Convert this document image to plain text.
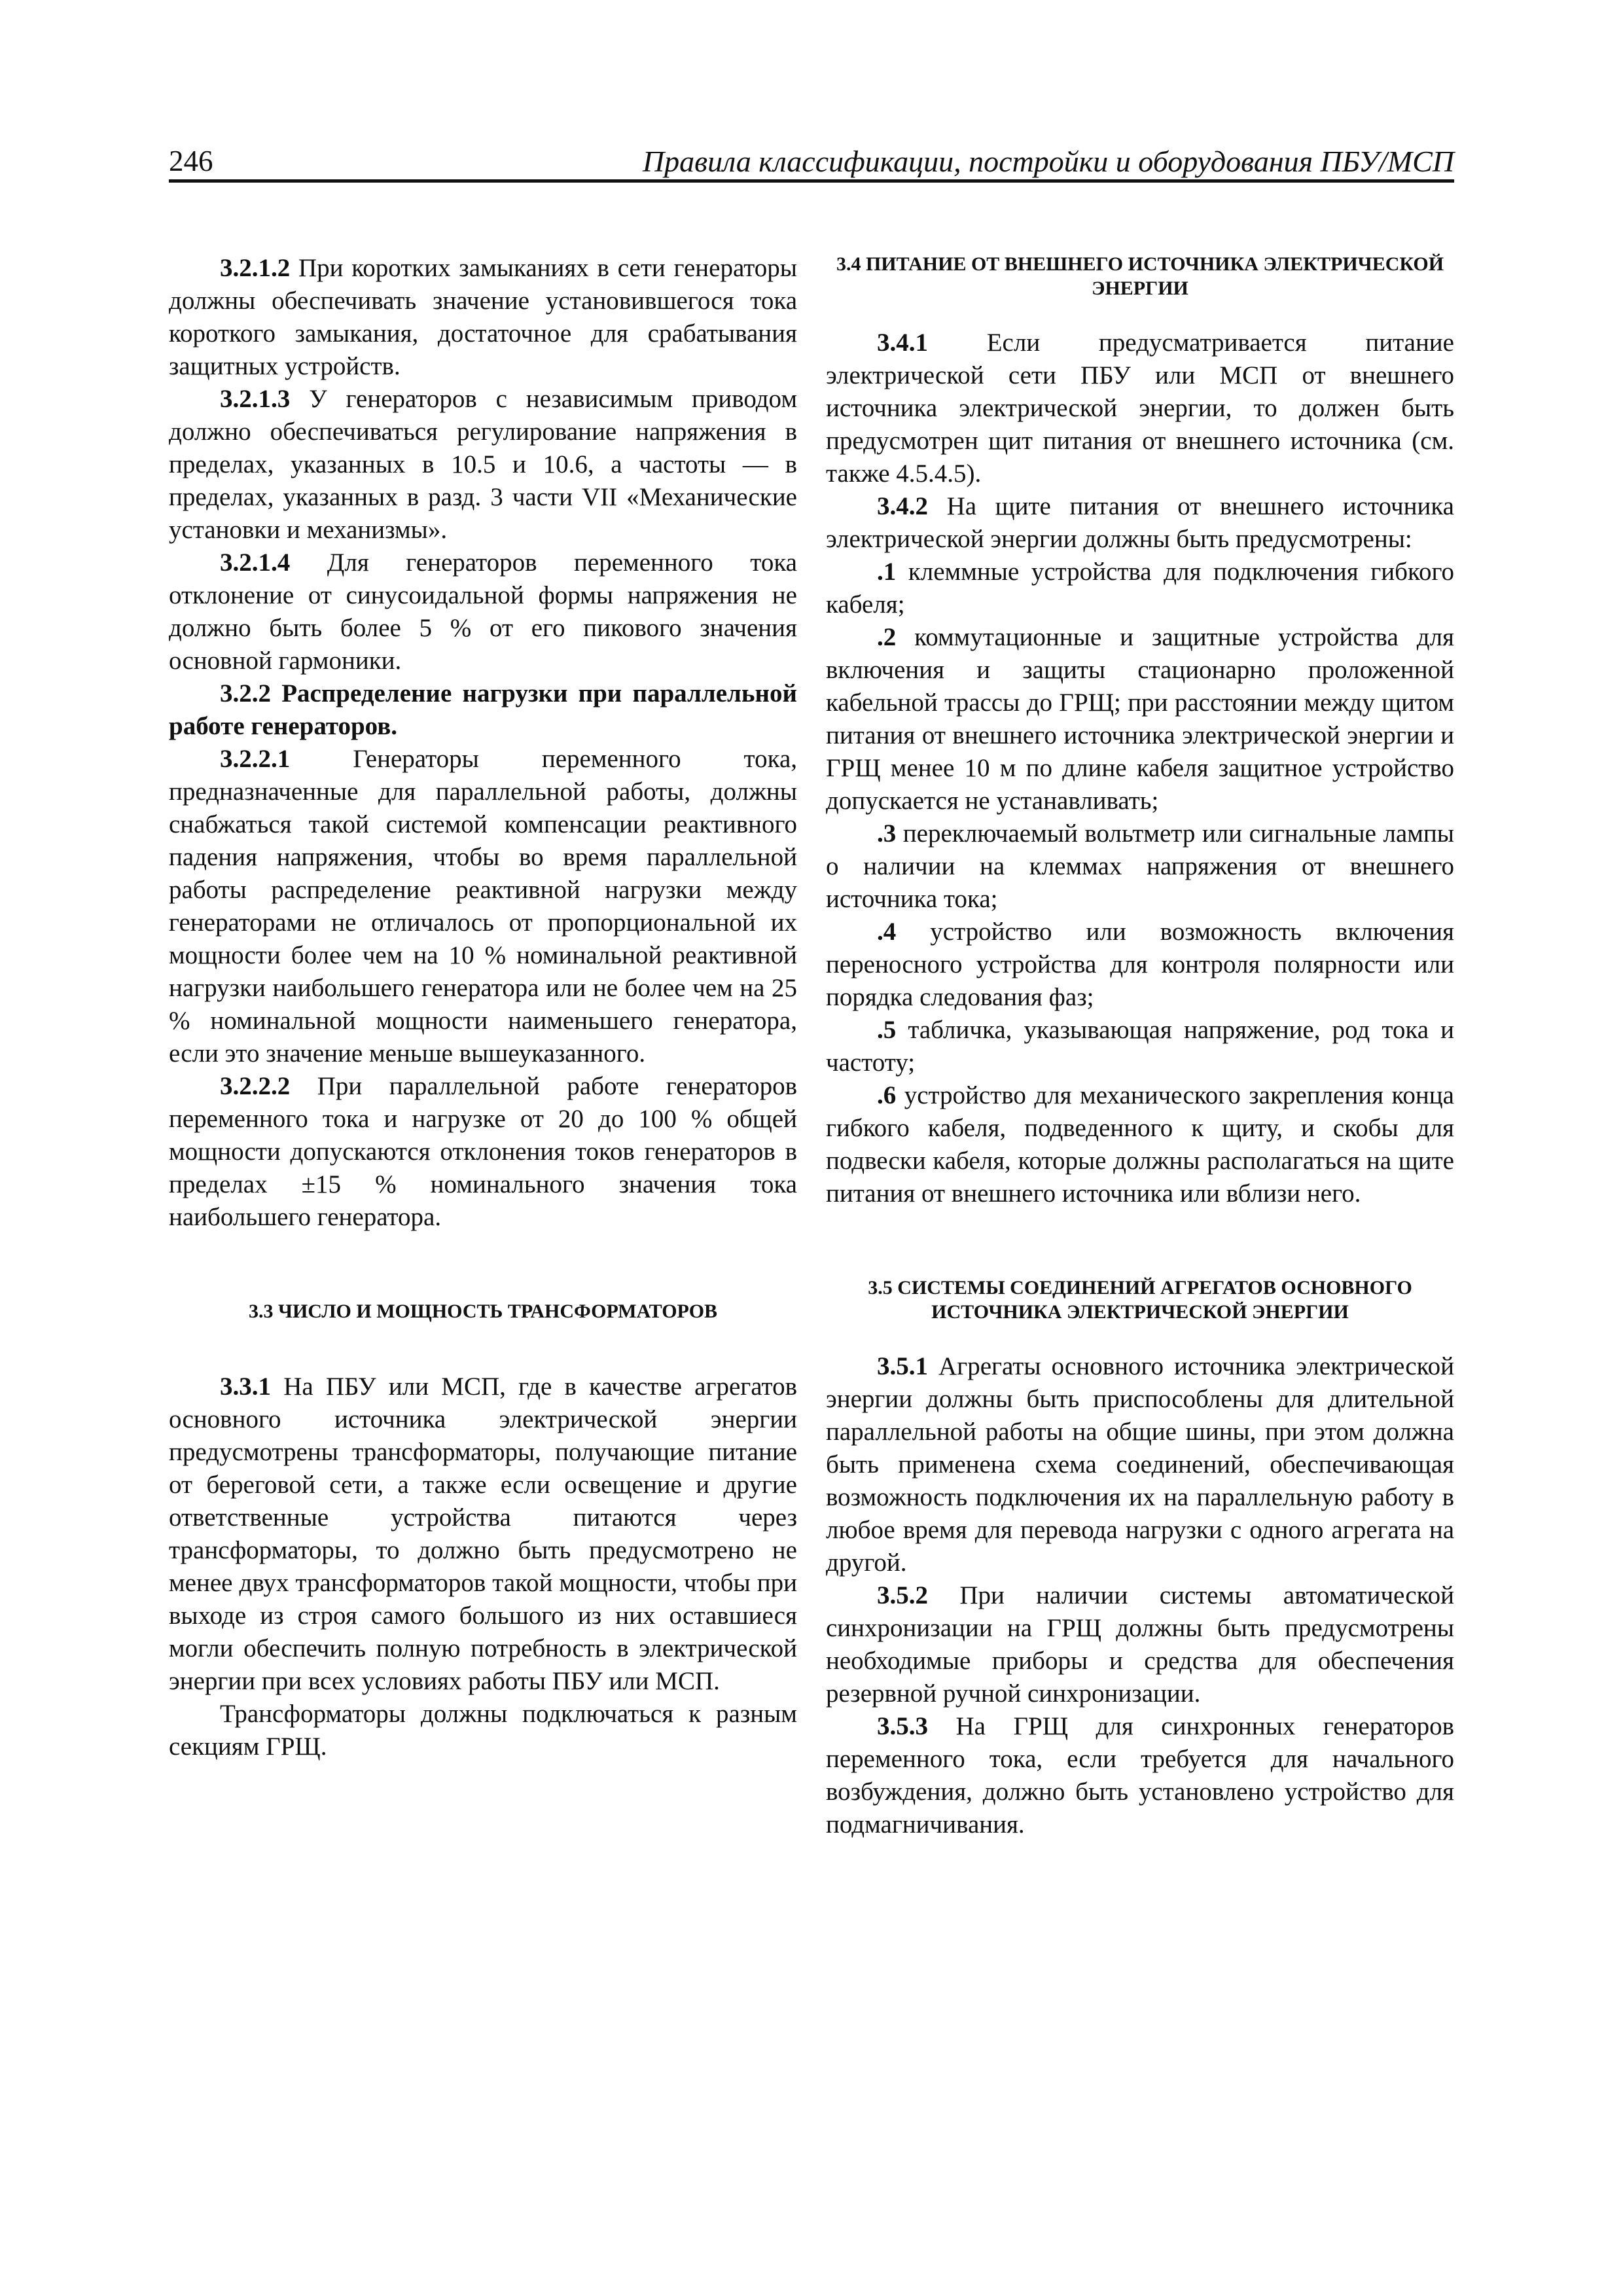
246	Правила классификации, постройки и оборудования ПБУ/МСП

3.2.1.2 При коротких замыканиях в сети генераторы должны обеспечивать значение установившегося тока короткого замыкания, достаточное для срабатывания защитных устройств.

3.2.1.3 У генераторов с независимым приводом должно обеспечиваться регулирование напряжения в пределах, указанных в 10.5 и 10.6, а частоты — в пределах, указанных в разд. 3 части VII «Механические установки и механизмы».

3.2.1.4 Для генераторов переменного тока отклонение от синусоидальной формы напряжения не должно быть более 5 % от его пикового значения основной гармоники.

3.2.2 Распределение нагрузки при параллельной работе генераторов.

3.2.2.1 Генераторы переменного тока, предназначенные для параллельной работы, должны снабжаться такой системой компенсации реактивного падения напряжения, чтобы во время параллельной работы распределение реактивной нагрузки между генераторами не отличалось от пропорциональной их мощности более чем на 10 % номинальной реактивной нагрузки наибольшего генератора или не более чем на 25 % номинальной мощности наименьшего генератора, если это значение меньше вышеуказанного.

3.2.2.2 При параллельной работе генераторов переменного тока и нагрузке от 20 до 100 % общей мощности допускаются отклонения токов генераторов в пределах ±15 % номинального значения тока наибольшего генератора.

3.3 ЧИСЛО И МОЩНОСТЬ ТРАНСФОРМАТОРОВ

3.3.1 На ПБУ или МСП, где в качестве агрегатов основного источника электрической энергии предусмотрены трансформаторы, получающие питание от береговой сети, а также если освещение и другие ответственные устройства питаются через трансформаторы, то должно быть предусмотрено не менее двух трансформаторов такой мощности, чтобы при выходе из строя самого большого из них оставшиеся могли обеспечить полную потребность в электрической энергии при всех условиях работы ПБУ или МСП.

Трансформаторы должны подключаться к разным секциям ГРЩ.

3.4 ПИТАНИЕ ОТ ВНЕШНЕГО ИСТОЧНИКА ЭЛЕКТРИЧЕСКОЙ ЭНЕРГИИ

3.4.1 Если предусматривается питание электрической сети ПБУ или МСП от внешнего источника электрической энергии, то должен быть предусмотрен щит питания от внешнего источника (см. также 4.5.4.5).

3.4.2 На щите питания от внешнего источника электрической энергии должны быть предусмотрены:

.1 клеммные устройства для подключения гибкого кабеля;

.2 коммутационные и защитные устройства для включения и защиты стационарно проложенной кабельной трассы до ГРЩ; при расстоянии между щитом питания от внешнего источника электрической энергии и ГРЩ менее 10 м по длине кабеля защитное устройство допускается не устанавливать;

.3 переключаемый вольтметр или сигнальные лампы о наличии на клеммах напряжения от внешнего источника тока;

.4 устройство или возможность включения переносного устройства для контроля полярности или порядка следования фаз;

.5 табличка, указывающая напряжение, род тока и частоту;

.6 устройство для механического закрепления конца гибкого кабеля, подведенного к щиту, и скобы для подвески кабеля, которые должны располагаться на щите питания от внешнего источника или вблизи него.

3.5 СИСТЕМЫ СОЕДИНЕНИЙ АГРЕГАТОВ ОСНОВНОГО ИСТОЧНИКА ЭЛЕКТРИЧЕСКОЙ ЭНЕРГИИ

3.5.1 Агрегаты основного источника электрической энергии должны быть приспособлены для длительной параллельной работы на общие шины, при этом должна быть применена схема соединений, обеспечивающая возможность подключения их на параллельную работу в любое время для перевода нагрузки с одного агрегата на другой.

3.5.2 При наличии системы автоматической синхронизации на ГРЩ должны быть предусмотрены необходимые приборы и средства для обеспечения резервной ручной синхронизации.

3.5.3 На ГРЩ для синхронных генераторов переменного тока, если требуется для начального возбуждения, должно быть установлено устройство для подмагничивания.
